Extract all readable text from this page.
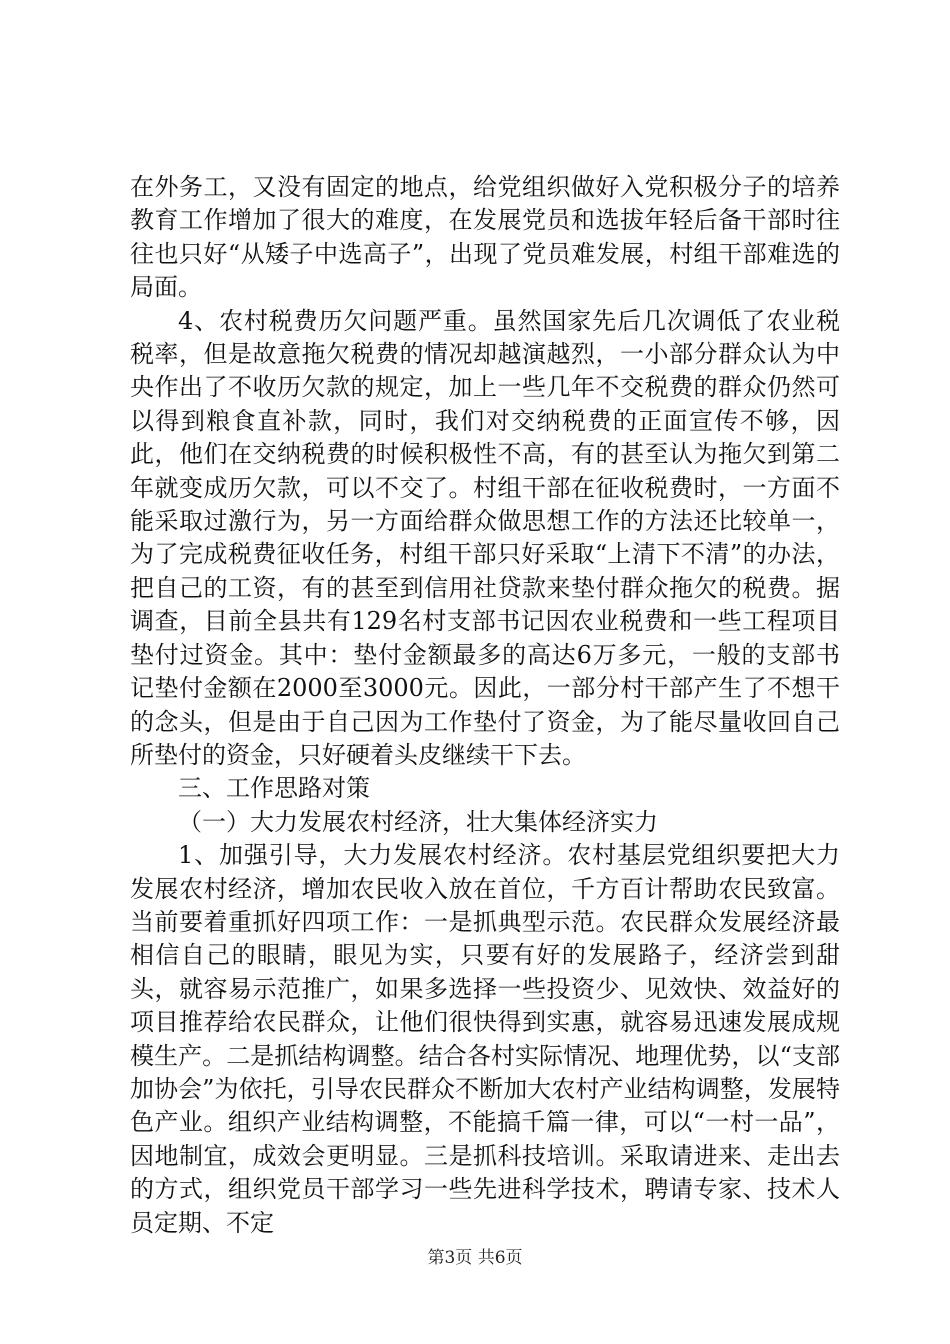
在外务工，又没有固定的地点，给党组织做好入党积极分子的培养教育工作增加了很大的难度，在发展党员和选拔年轻后备干部时往往也只好“从矮子中选高子”，出现了党员难发展，村组干部难选的局面。

4、农村税费历欠问题严重。虽然国家先后几次调低了农业税税率，但是故意拖欠税费的情况却越演越烈，一小部分群众认为中央作出了不收历欠款的规定，加上一些几年不交税费的群众仍然可以得到粮食直补款，同时，我们对交纳税费的正面宣传不够，因此，他们在交纳税费的时候积极性不高，有的甚至认为拖欠到第二年就变成历欠款，可以不交了。村组干部在征收税费时，一方面不能采取过激行为，另一方面给群众做思想工作的方法还比较单一，为了完成税费征收任务，村组干部只好采取“上清下不清”的办法，把自己的工资，有的甚至到信用社贷款来垫付群众拖欠的税费。据调查，目前全县共有129名村支部书记因农业税费和一些工程项目垫付过资金。其中：垫付金额最多的高达6万多元，一般的支部书记垫付金额在2000至3000元。因此，一部分村干部产生了不想干的念头，但是由于自己因为工作垫付了资金，为了能尽量收回自己所垫付的资金，只好硬着头皮继续干下去。

三、工作思路对策

（一）大力发展农村经济，壮大集体经济实力

1、加强引导，大力发展农村经济。农村基层党组织要把大力发展农村经济，增加农民收入放在首位，千方百计帮助农民致富。当前要着重抓好四项工作：一是抓典型示范。农民群众发展经济最相信自己的眼睛，眼见为实，只要有好的发展路子，经济尝到甜头，就容易示范推广，如果多选择一些投资少、见效快、效益好的项目推荐给农民群众，让他们很快得到实惠，就容易迅速发展成规模生产。二是抓结构调整。结合各村实际情况、地理优势，以“支部加协会”为依托，引导农民群众不断加大农村产业结构调整，发展特色产业。组织产业结构调整，不能搞千篇一律，可以“一村一品”，因地制宜，成效会更明显。三是抓科技培训。采取请进来、走出去的方式，组织党员干部学习一些先进科学技术，聘请专家、技术人员定期、不定

第3页 共6页
